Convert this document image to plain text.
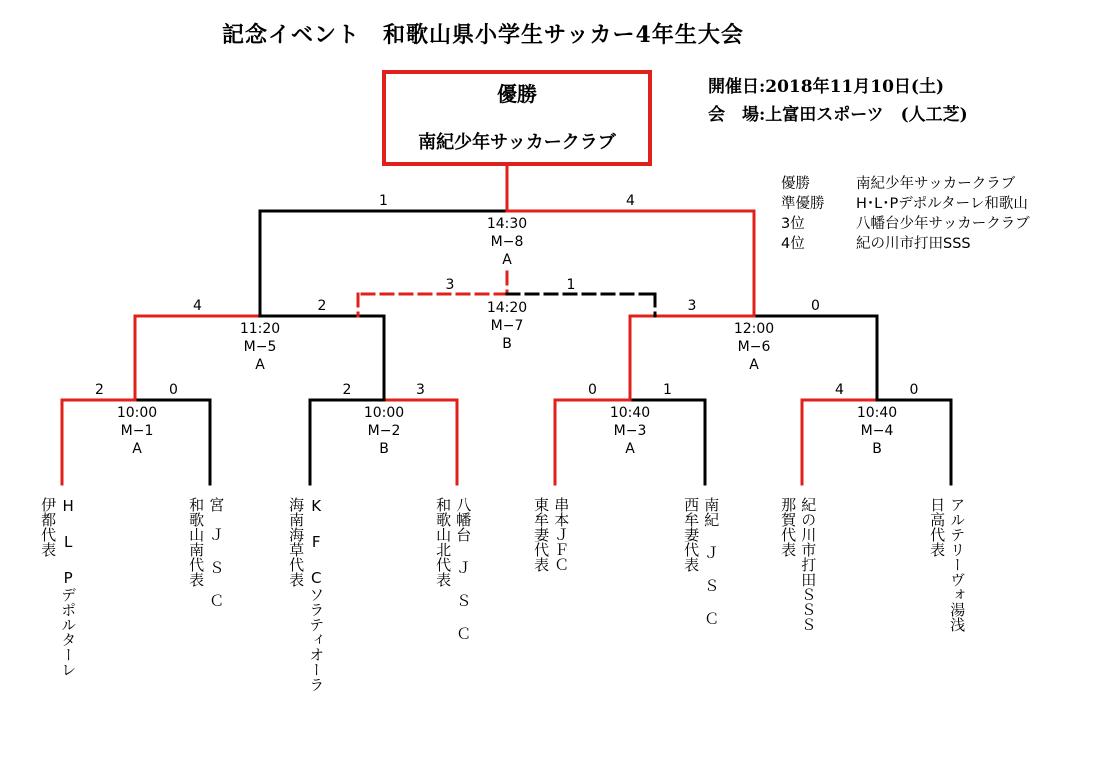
記念イベント　和歌山県小学生サッカー4年生大会
優勝
南紀少年サッカークラブ
開催日:2018年11月10日(土)
会　場:上富田スポーツ　(人工芝)
優勝	南紀少年サッカークラブ
準優勝 H･L･Pデポルターレ和歌山
3位	八幡台少年サッカークラブ
4位	紀の川市打田SSS
2	0
10:00
M−1
A
2	3
10:00
M−2
B
0	1
10:40
M−3
A
4	0
10:40
M−4
B
4	2
11:20
M−5
A
3	0
12:00
M−6
A
1	4
14:30
M−8
A
3	1
14:20
M−7
B
H L Pデポルターレ
伊都代表	宮　Ｊ Ｓ Ｃ
和歌山南代表	K F Cソラティオーラ
海南海草代表	八幡台 Ｊ Ｓ Ｃ
和歌山北代表	串本ＪＦＣ
東牟妻代表	南紀 Ｊ Ｓ Ｃ
西牟妻代表	紀の川市打田ＳＳＳ
那賀代表	アルテリーヴォ湯浅
日高代表
